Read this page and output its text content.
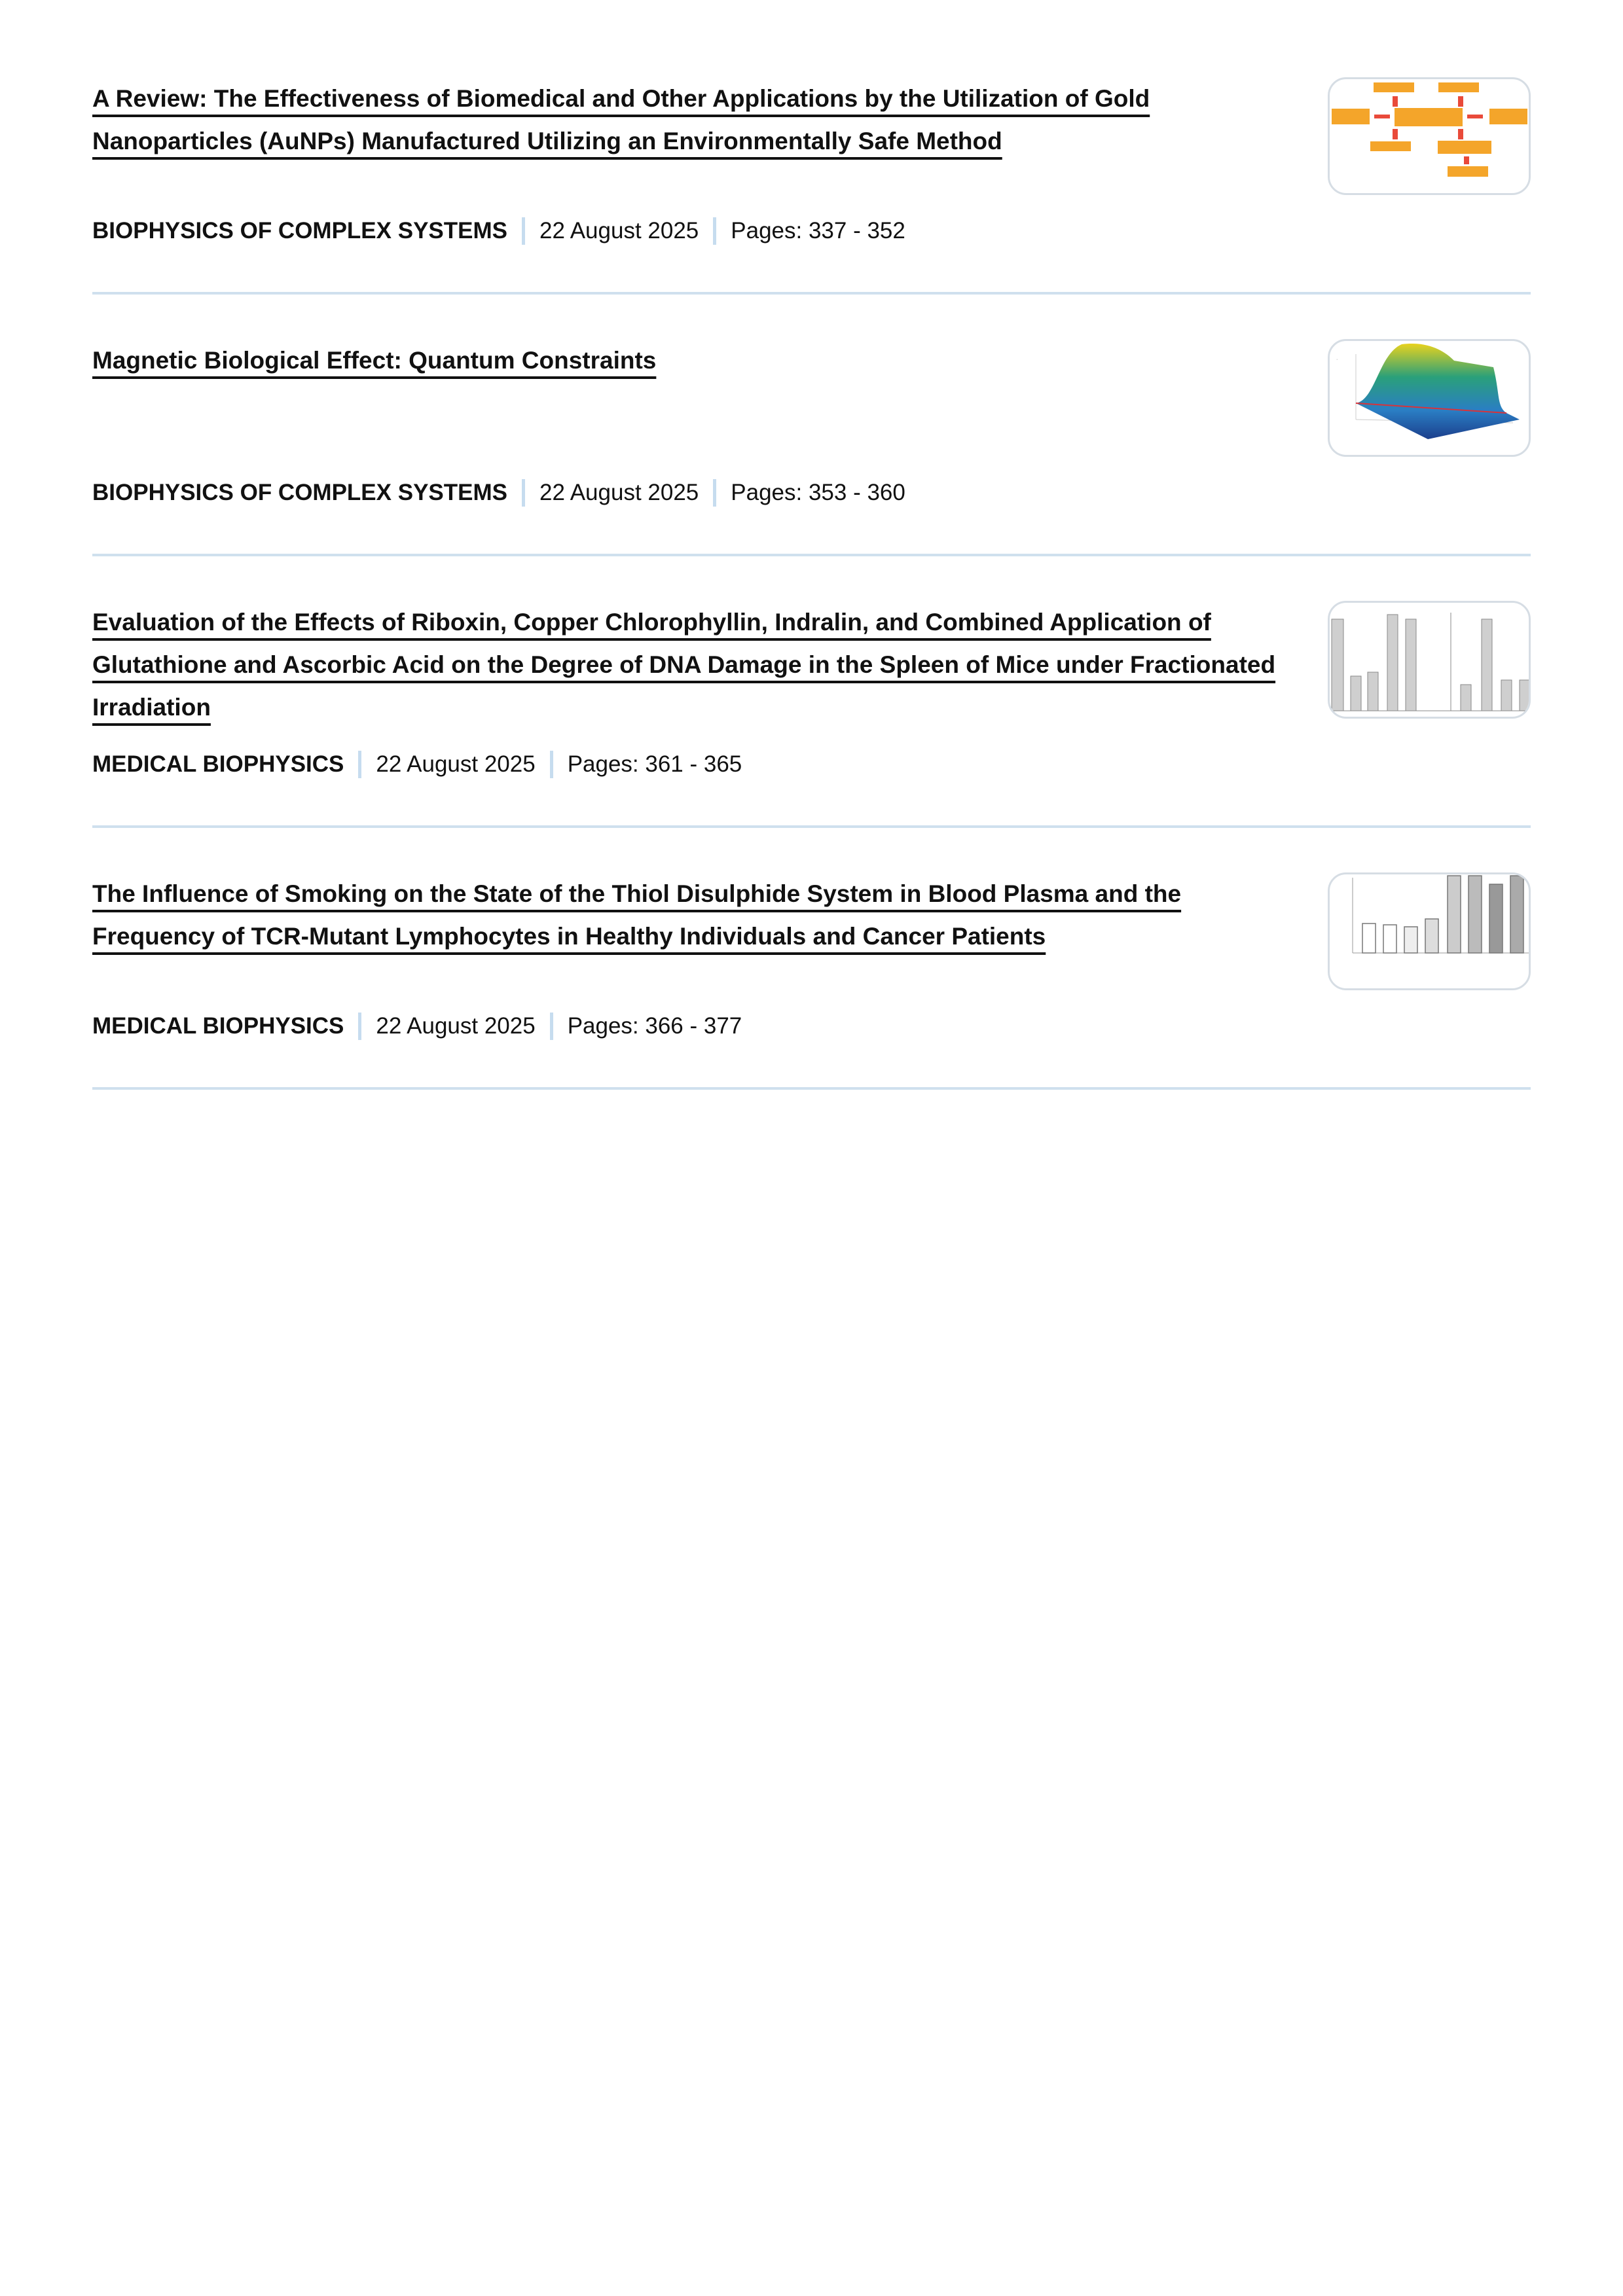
A Review: The Effectiveness of Biomedical and Other Applications by the Utilization of Gold Nanoparticles (AuNPs) Manufactured Utilizing an Environmentally Safe Method
BIOPHYSICS OF COMPLEX SYSTEMS 22 August 2025 Pages: 337 - 352
Magnetic Biological Effect: Quantum Constraints	·
BIOPHYSICS OF COMPLEX SYSTEMS 22 August 2025 Pages: 353 - 360
Evaluation of the Effects of Riboxin, Copper Chlorophyllin, Indralin, and Combined Application of Glutathione and Ascorbic Acid on the Degree of DNA Damage in the Spleen of Mice under Fractionated Irradiation
MEDICAL BIOPHYSICS 22 August 2025 Pages: 361 - 365
The Influence of Smoking on the State of the Thiol Disulphide System in Blood Plasma and the Frequency of TCR-Mutant Lymphocytes in Healthy Individuals and Cancer Patients
MEDICAL BIOPHYSICS 22 August 2025 Pages: 366 - 377
